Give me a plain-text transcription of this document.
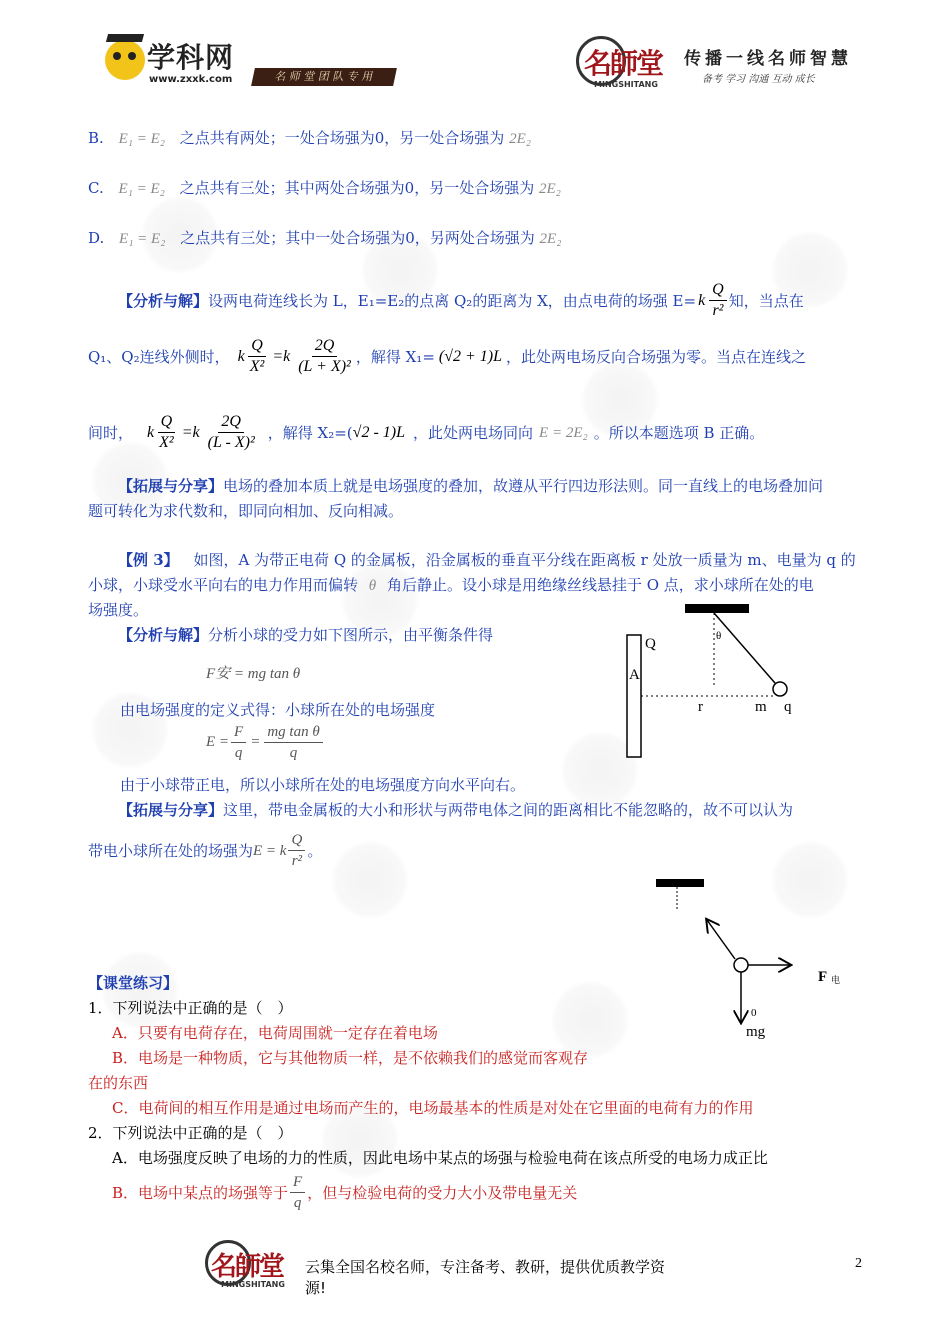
学科网
www.zxxk.com	名 师 堂 团 队 专 用	名師堂
MINGSHITANG
传播一线名师智慧
备考 学习 沟通 互动 成长
B. E₁ = E₂ 之点共有两处；一处合场强为0，另一处合场强为 2E₂
C. E₁ = E₂ 之点共有三处；其中两处合场强为0，另一处合场强为 2E₂
D. E₁ = E₂ 之点共有三处；其中一处合场强为0，另两处合场强为 2E₂
【分析与解】 设两电荷连线长为 L，E₁=E₂的点离 Q₂的距离为 X，由点电荷的场强 E= k $\frac{Q}{\text{r²}}$ 知，当点在
Q₁、Q₂连线外侧时， k $\frac{Q}{\text{X²}} =k \frac{2Q}{\text{(L + X)²}}$ ，解得 X₁= (√2 + 1)L ，此处两电场反向合场强为零。当点在连线之
间时， k $\frac{Q}{\text{X²}} =k \frac{2Q}{\text{(L - X)²}}$ ，解得 X₂=( √2 - 1)L ，此处两电场同向 E = 2E₂ 。所以本题选项 B 正确。
【拓展与分享】电场的叠加本质上就是电场强度的叠加，故遵从平行四边形法则。同一直线上的电场叠加问
题可转化为求代数和，即同向相加、反向相减。
【例 3】 如图，A 为带正电荷 Q 的金属板，沿金属板的垂直平分线在距离板 r 处放一质量为 m、电量为 q 的
小球，小球受水平向右的电力作用而偏转 θ 角后静止。设小球是用绝缘丝线悬挂于 O 点，求小球所在处的电
场强度。
【分析与解】分析小球的受力如下图所示，由平衡条件得
F安 = mg tan θ
由电场强度的定义式得：小球所在处的电场强度
$E = \frac{F}{q} = \frac{\text{mg tan θ}}{q}$
由于小球带正电，所以小球所在处的电场强度方向水平向右。
【拓展与分享】这里，带电金属板的大小和形状与两带电体之间的距离相比不能忽略的，故不可以认为
带电小球所在处的场强为 E = k $\frac{Q}{\text{r²}}$ 。
Q
A
θ
r	m q
F 电
0
mg
【课堂练习】
1．下列说法中正确的是（　）
A．只要有电荷存在，电荷周围就一定存在着电场
B．电场是一种物质，它与其他物质一样，是不依赖我们的感觉而客观存
在的东西
C．电荷间的相互作用是通过电场而产生的，电场最基本的性质是对处在它里面的电荷有力的作用
2．下列说法中正确的是（　）
A．电场强度反映了电场的力的性质，因此电场中某点的场强与检验电荷在该点所受的电场力成正比
B．电场中某点的场强等于 $\frac{F}{q}$ ，但与检验电荷的受力大小及带电量无关
名師堂
MINGSHITANG
云集全国名校名师，专注备考、教研，提供优质教学资源!
2
